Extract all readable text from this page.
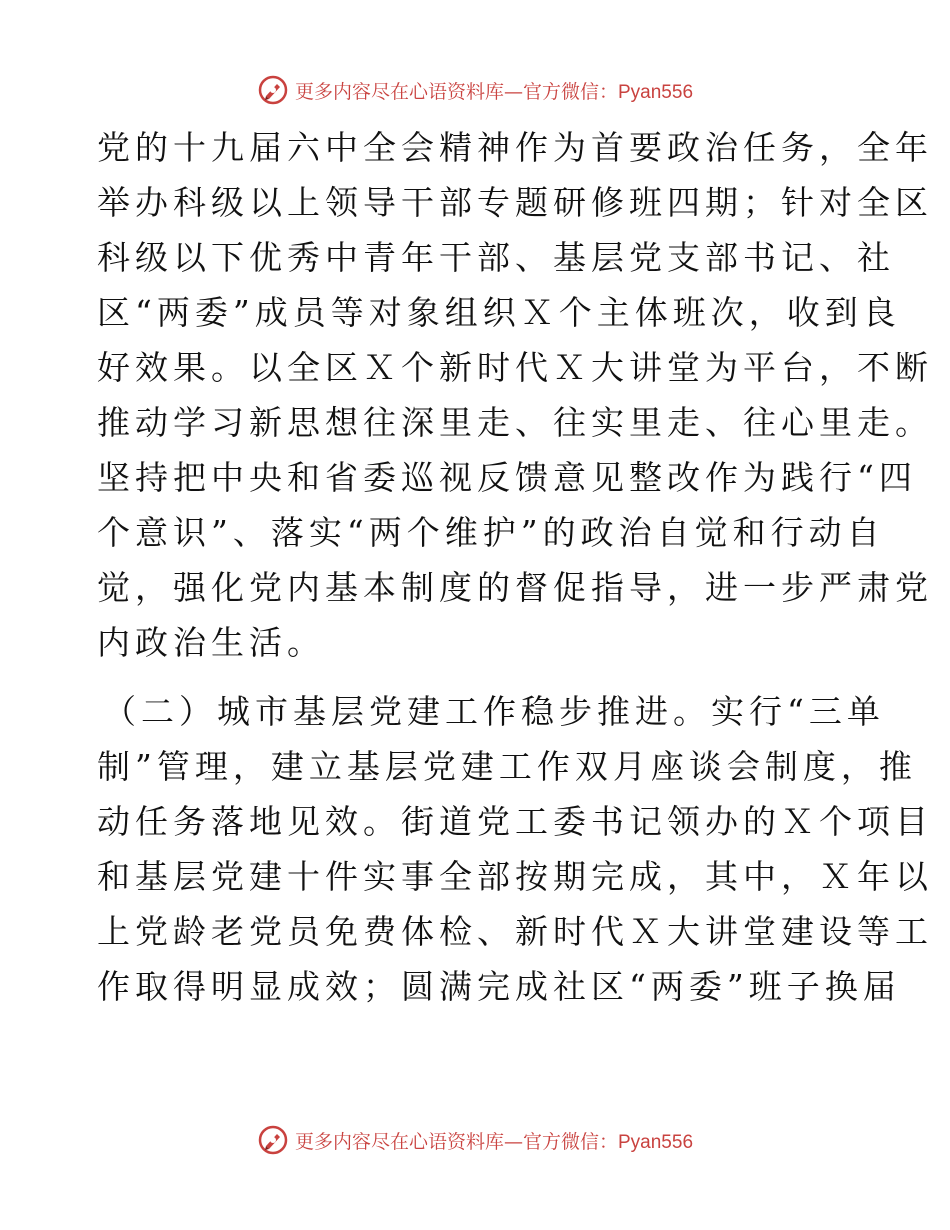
更多内容尽在心语资料库—官方微信：Pyan556
党的十九届六中全会精神作为首要政治任务，全年
举办科级以上领导干部专题研修班四期；针对全区
科级以下优秀中青年干部、基层党支部书记、社
区“两委”成员等对象组织Ｘ个主体班次，收到良
好效果。以全区Ｘ个新时代Ｘ大讲堂为平台，不断
推动学习新思想往深里走、往实里走、往心里走。
坚持把中央和省委巡视反馈意见整改作为践行“四
个意识”、落实“两个维护”的政治自觉和行动自
觉，强化党内基本制度的督促指导，进一步严肃党
内政治生活。
（二）城市基层党建工作稳步推进。实行“三单
制”管理，建立基层党建工作双月座谈会制度，推
动任务落地见效。街道党工委书记领办的Ｘ个项目
和基层党建十件实事全部按期完成，其中，Ｘ年以
上党龄老党员免费体检、新时代Ｘ大讲堂建设等工
作取得明显成效；圆满完成社区“两委”班子换届
更多内容尽在心语资料库—官方微信：Pyan556
